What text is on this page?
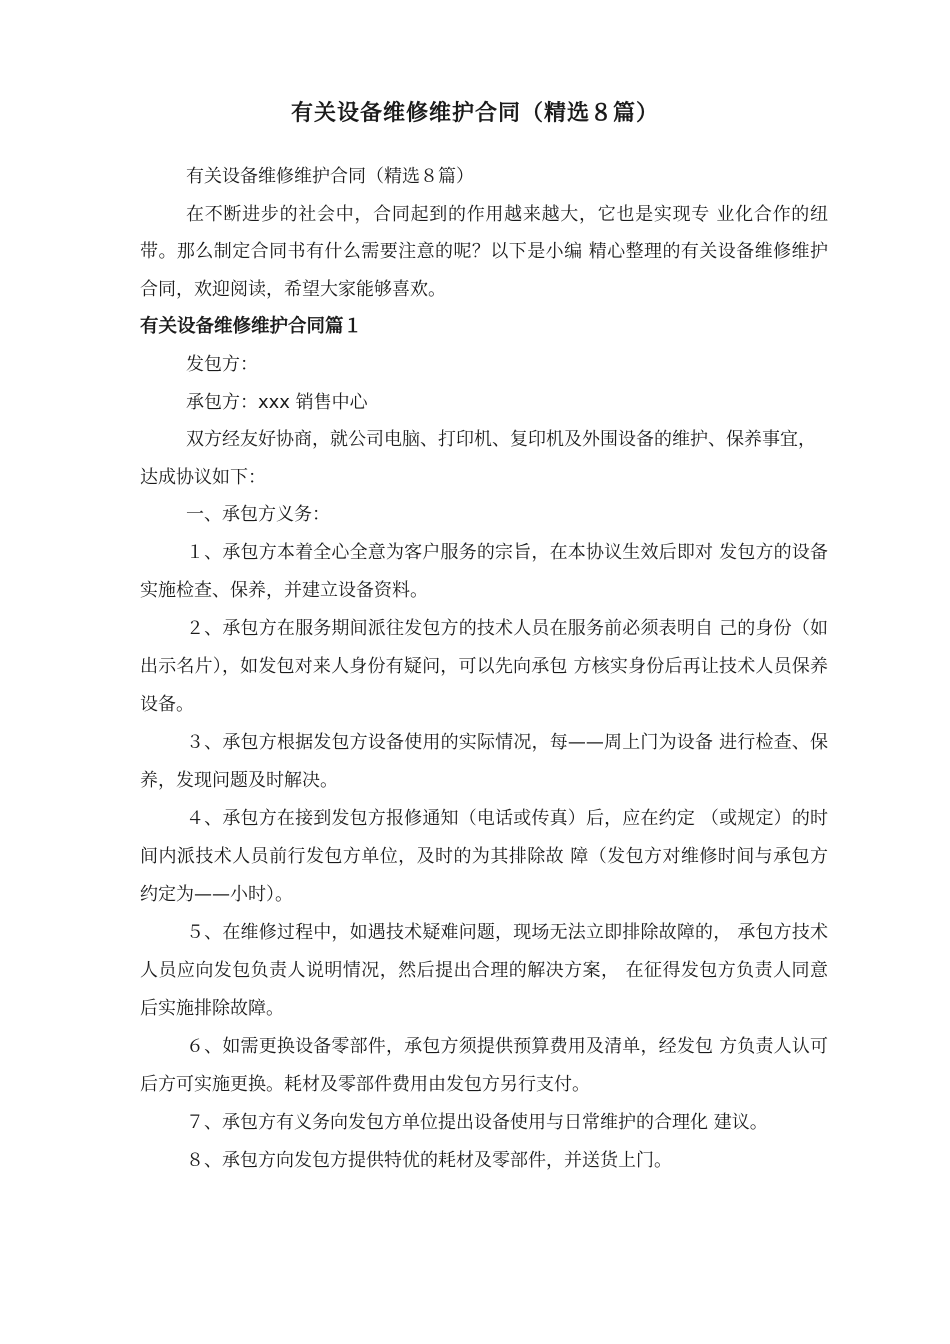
有关设备维修维护合同（精选８篇）

有关设备维修维护合同（精选８篇）

在不断进步的社会中，合同起到的作用越来越大，它也是实现专 业化合作的纽带。那么制定合同书有什么需要注意的呢？以下是小编 精心整理的有关设备维修维护合同，欢迎阅读，希望大家能够喜欢。

有关设备维修维护合同篇１

发包方：

承包方：xxx 销售中心

双方经友好协商，就公司电脑、打印机、复印机及外围设备的维护、保养事宜，达成协议如下：

一、承包方义务：

１、承包方本着全心全意为客户服务的宗旨，在本协议生效后即对 发包方的设备实施检查、保养，并建立设备资料。

２、承包方在服务期间派往发包方的技术人员在服务前必须表明自 己的身份（如出示名片），如发包对来人身份有疑问，可以先向承包 方核实身份后再让技术人员保养设备。

３、承包方根据发包方设备使用的实际情况，每——周上门为设备 进行检查、保养，发现问题及时解决。

４、承包方在接到发包方报修通知（电话或传真）后，应在约定 （或规定）的时间内派技术人员前行发包方单位，及时的为其排除故 障（发包方对维修时间与承包方约定为——小时）。

５、在维修过程中，如遇技术疑难问题，现场无法立即排除故障的， 承包方技术人员应向发包负责人说明情况，然后提出合理的解决方案， 在征得发包方负责人同意后实施排除故障。

６、如需更换设备零部件，承包方须提供预算费用及清单，经发包 方负责人认可后方可实施更换。耗材及零部件费用由发包方另行支付。

７、承包方有义务向发包方单位提出设备使用与日常维护的合理化 建议。

８、承包方向发包方提供特优的耗材及零部件，并送货上门。
